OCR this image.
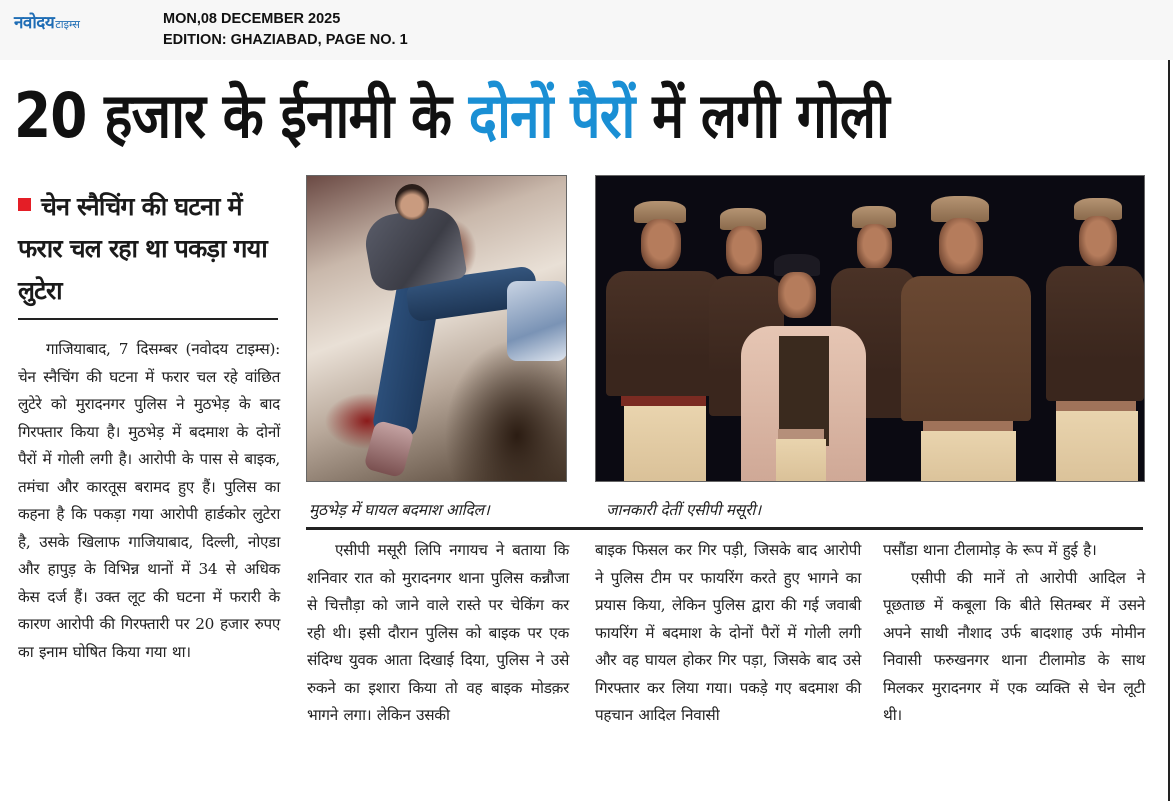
नवोदय टाइम्स	MON,08 DECEMBER 2025
EDITION: GHAZIABAD, PAGE NO. 1
20 हजार के ईनामी के दोनों पैरों में लगी गोली
चेन स्नैचिंग की घटना में फरार चल रहा था पकड़ा गया लुटेरा

गाजियाबाद, 7 दिसम्बर (नवोदय टाइम्स): चेन स्नैचिंग की घटना में फरार चल रहे वांछित लुटेरे को मुरादनगर पुलिस ने मुठभेड़ के बाद गिरफ्तार किया है। मुठभेड़ में बदमाश के दोनों पैरों में गोली लगी है। आरोपी के पास से बाइक, तमंचा और कारतूस बरामद हुए हैं। पुलिस का कहना है कि पकड़ा गया आरोपी हार्डकोर लुटेरा है, उसके खिलाफ गाजियाबाद, दिल्ली, नोएडा और हापुड़ के विभिन्न थानों में 34 से अधिक केस दर्ज हैं। उक्त लूट की घटना में फरारी के कारण आरोपी की गिरफ्तारी पर 20 हजार रुपए का इनाम घोषित किया गया था।

मुठभेड़ में घायल बदमाश आदिल।	जानकारी देतीं एसीपी मसूरी।

एसीपी मसूरी लिपि नगायच ने बताया कि शनिवार रात को मुरादनगर थाना पुलिस कन्नौजा से चित्तौड़ा को जाने वाले रास्ते पर चेकिंग कर रही थी। इसी दौरान पुलिस को बाइक पर एक संदिग्ध युवक आता दिखाई दिया, पुलिस ने उसे रुकने का इशारा किया तो वह बाइक मोडक़र भागने लगा। लेकिन उसकी

बाइक फिसल कर गिर पड़ी, जिसके बाद आरोपी ने पुलिस टीम पर फायरिंग करते हुए भागने का प्रयास किया, लेकिन पुलिस द्वारा की गई जवाबी फायरिंग में बदमाश के दोनों पैरों में गोली लगी और वह घायल होकर गिर पड़ा, जिसके बाद उसे गिरफ्तार कर लिया गया। पकड़े गए बदमाश की पहचान आदिल निवासी

पसौंडा थाना टीलामोड़ के रूप में हुई है।

एसीपी की मानें तो आरोपी आदिल ने पूछताछ में कबूला कि बीते सितम्बर में उसने अपने साथी नौशाद उर्फ बादशाह उर्फ मोमीन निवासी फरुखनगर थाना टीलामोड के साथ मिलकर मुरादनगर में एक व्यक्ति से चेन लूटी थी।
